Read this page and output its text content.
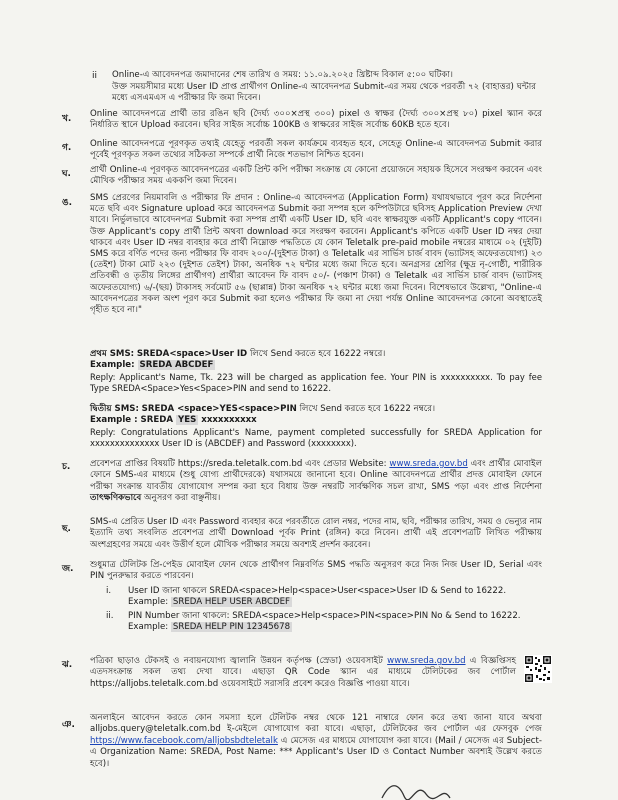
ii Online-এ আবেদনপত্র জমাদানের শেষ তারিখ ও সময়: ১১.০৯.২০২৫ খ্রিষ্টাব্দ বিকাল ৫:০০ ঘটিকা।
উক্ত সময়সীমার মধ্যে User ID প্রাপ্ত প্রার্থীগণ Online-এ আবেদনপত্র Submit-এর সময় থেকে পরবর্তী ৭২ (বাহাত্তর) ঘন্টার মধ্যে এসএমএস এ পরীক্ষার ফি জমা দিবেন।
খ. Online আবেদনপত্রে প্রার্থী তার রঙিন ছবি (দৈর্ঘ্য ৩০০×প্রস্থ ৩০০) pixel ও স্বাক্ষর (দৈর্ঘ্য ৩০০×প্রস্থ ৮০) pixel স্ক্যান করে নির্ধারিত স্থানে Upload করবেন। ছবির সাইজ সর্বোচ্চ 100KB ও স্বাক্ষরের সাইজ সর্বোচ্চ 60KB হতে হবে।
গ. Online আবেদনপত্রে পূরণকৃত তথ্যই যেহেতু পরবর্তী সকল কার্যক্রমে ব্যবহৃত হবে, সেহেতু Online-এ আবেদনপত্র Submit করার পূর্বেই পূরণকৃত সকল তথ্যের সঠিকতা সম্পর্কে প্রার্থী নিজে শতভাগ নিশ্চিত হবেন।
ঘ. প্রার্থী Online-এ পূরণকৃত আবেদনপত্রের একটি প্রিন্ট কপি পরীক্ষা সংক্রান্ত যে কোনো প্রয়োজনে সহায়ক হিসেবে সংরক্ষণ করবেন এবং মৌখিক পরীক্ষার সময় এককপি জমা দিবেন।
ঙ. SMS প্রেরণের নিয়মাবলি ও পরীক্ষার ফি প্রদান : Online-এ আবেদনপত্র (Application Form) যথাযথভাবে পূরণ করে নির্দেশনা মতে ছবি এবং Signature upload করে আবেদনপত্র Submit করা সম্পন্ন হলে কম্পিউটারে ছবিসহ Application Preview দেখা যাবে। নির্ভুলভাবে আবেদনপত্র Submit করা সম্পন্ন প্রার্থী একটি User ID, ছবি এবং স্বাক্ষরযুক্ত একটি Applicant's copy পাবেন। উক্ত Applicant's copy প্রার্থী প্রিন্ট অথবা download করে সংরক্ষণ করবেন। Applicant's কপিতে একটি User ID নম্বর দেয়া থাকবে এবং User ID নম্বর ব্যবহার করে প্রার্থী নিম্নোক্ত পদ্ধতিতে যে কোন Teletalk pre-paid mobile নম্বরের মাধ্যমে ০২ (দুইটি) SMS করে বর্ণিত পদের জন্য পরীক্ষার ফি বাবদ ২০০/-(দুইশত টাকা) ও Teletalk এর সার্ভিস চার্জ বাবদ (ভ্যাটসহ অফেরতযোগ্য) ২৩ (তেইশ) টাকা মোট ২২৩ (দুইশত তেইশ) টাকা, অনধিক ৭২ ঘন্টার মধ্যে জমা দিতে হবে। অনগ্রসর শ্রেণির (ক্ষুদ্র নৃ-গোষ্ঠী, শারীরিক প্রতিবন্ধী ও তৃতীয় লিঙ্গের প্রার্থীগণ) প্রার্থীরা আবেদন ফি বাবদ ৫০/- (পঞ্চাশ টাকা) ও Teletalk এর সার্ভিস চার্জ বাবদ (ভ্যাটসহ অফেরতযোগ্য) ৬/-(ছয়) টাকাসহ সর্বমোট ৫৬ (ছাপ্পান্ন) টাকা অনধিক ৭২ ঘন্টার মধ্যে জমা দিবেন। বিশেষভাবে উল্লেখ্য, "Online-এ আবেদনপত্রের সকল অংশ পূরণ করে Submit করা হলেও পরীক্ষার ফি জমা না দেয়া পর্যন্ত Online আবেদনপত্র কোনো অবস্থাতেই গৃহীত হবে না।"

প্রথম SMS: SREDA<space>User ID লিখে Send করতে হবে 16222 নম্বরে।

Example: SREDA ABCDEF

Reply: Applicant's Name, Tk. 223 will be charged as application fee. Your PIN is xxxxxxxxxx. To pay fee Type SREDA<Space>Yes<Space>PIN and send to 16222.

দ্বিতীয় SMS: SREDA <space>YES<space>PIN লিখে Send করতে হবে 16222 নম্বরে।

Example : SREDA YES xxxxxxxxxx

Reply: Congratulations Applicant's Name, payment completed successfully for SREDA Application for xxxxxxxxxxxxxx User ID is (ABCDEF) and Password (xxxxxxxx).

চ. প্রবেশপত্র প্রাপ্তির বিষয়টি https://sreda.teletalk.com.bd এবং প্রেডার Website: www.sreda.gov.bd এবং প্রার্থীর মোবাইল ফোনে SMS-এর মাধ্যমে (শুধু যোগ্য প্রার্থীদেরকে) যথাসময়ে জানানো হবে। Online আবেদনপত্রে প্রার্থীর প্রদত্ত মোবাইল ফোনে পরীক্ষা সংক্রান্ত যাবতীয় যোগাযোগ সম্পন্ন করা হবে বিধায় উক্ত নম্বরটি সার্বক্ষণিক সচল রাখা, SMS পড়া এবং প্রাপ্ত নির্দেশনা তাৎক্ষণিকভাবে অনুসরণ করা বাঞ্ছনীয়।
ছ.
SMS-এ প্রেরিত User ID এবং Password ব্যবহার করে পরবর্তীতে রোল নম্বর, পদের নাম, ছবি, পরীক্ষার তারিখ, সময় ও ভেন্যুর নাম ইত্যাদি তথ্য সংবলিত প্রবেশপত্র প্রার্থী Download পূর্বক Print (রঙ্গিন) করে নিবেন। প্রার্থী এই প্রবেশপত্রটি লিখিত পরীক্ষায় অংশগ্রহণের সময়ে এবং উত্তীর্ণ হলে মৌখিক পরীক্ষার সময়ে অবশ্যই প্রদর্শন করবেন।
জ. শুধুমাত্র টেলিটক প্রি-পেইড মোবাইল ফোন থেকে প্রার্থীগণ নিম্নবর্ণিত SMS পদ্ধতি অনুসরণ করে নিজ নিজ User ID, Serial এবং PIN পুনরুদ্ধার করতে পারবেন।
i. User ID জানা থাকলে SREDA<space>Help<space>User<space>User ID & Send to 16222.
Example: SREDA HELP USER ABCDEF
ii. PIN Number জানা থাকলে: SREDA<space>Help<space>PIN<space>PIN No & Send to 16222.
Example: SREDA HELP PIN 12345678
ঝ. পত্রিকা ছাড়াও টেকসই ও নবায়নযোগ্য জ্বালানি উন্নয়ন কর্তৃপক্ষ (স্রেডা) ওয়েবসাইট www.sreda.gov.bd এ বিজ্ঞপ্তিসহ এতদসংক্রান্ত সকল তথ্য দেখা যাবে। এছাড়া QR Code স্ক্যান এর মাধ্যমে টেলিটকের জব পোর্টাল https://alljobs.teletalk.com.bd ওয়েবসাইটে সরাসরি প্রবেশ করেও বিজ্ঞপ্তি পাওয়া যাবে।
ঞ.
অনলাইনে আবেদন করতে কোন সমস্যা হলে টেলিটক নম্বর থেকে 121 নাম্বারে ফোন করে তথ্য জানা যাবে অথবা alljobs.query@teletalk.com.bd ই-মেইলে যোগাযোগ করা যাবে। এছাড়া, টেলিটকের জব পোর্টাল এর ফেসবুক পেজ https://www.facebook.com/alljobsbdteletalk এ মেসেজ এর মাধ্যমে যোগাযোগ করা যাবে। (Mail / মেসেজ এর Subject-এ Organization Name: SREDA, Post Name: *** Applicant's User ID ও Contact Number অবশ্যই উল্লেখ করতে হবে)।
